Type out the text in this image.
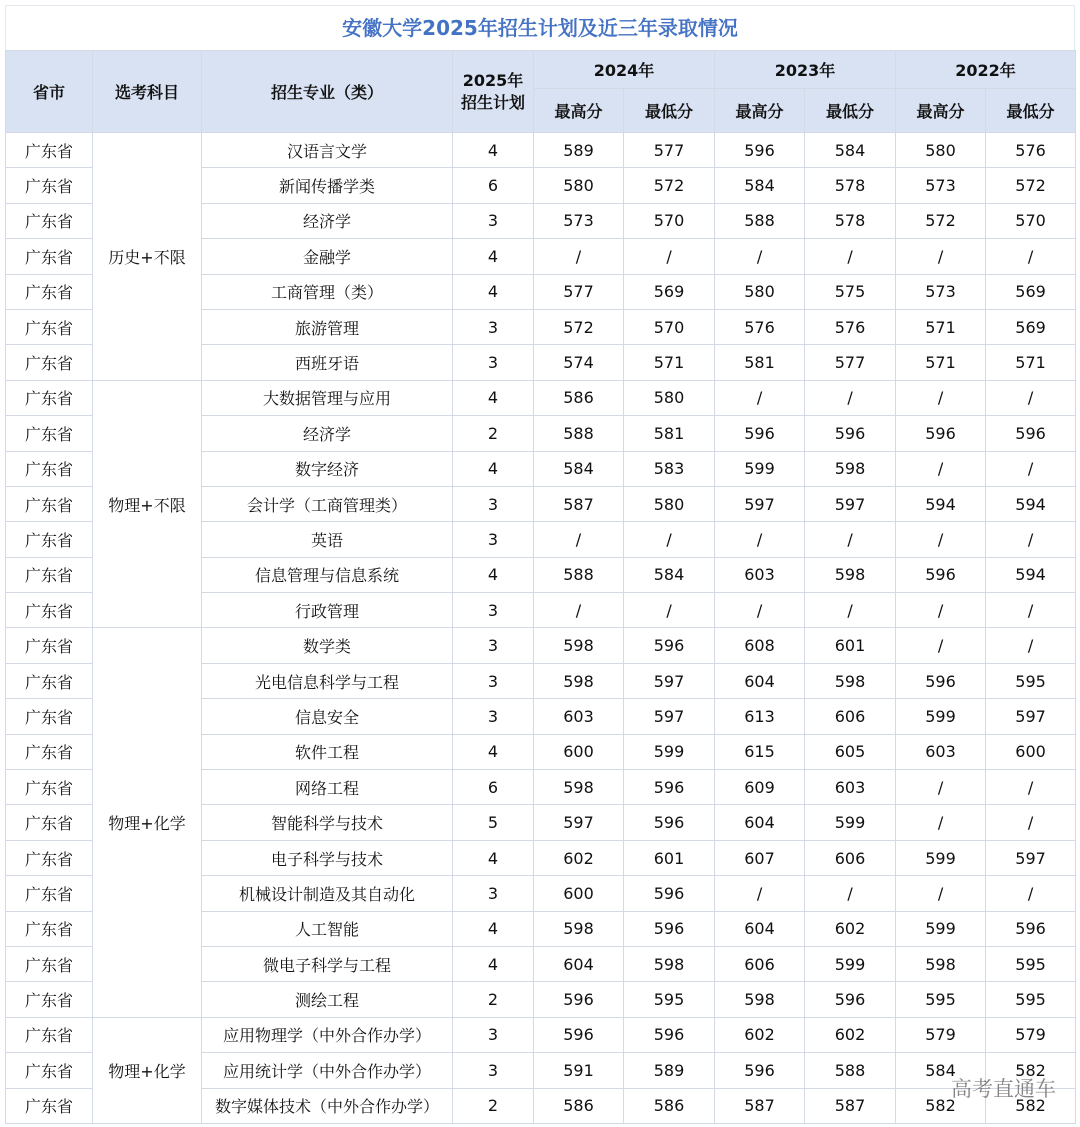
安徽大学2025年招生计划及近三年录取情况
省市	选考科目	招生专业（类）	2025年
招生计划	2024年		2023年		2022年	
				最高分	最低分	最高分	最低分	最高分	最低分
广东省	历史+不限	汉语言文学	4	589	577	596	584	580	576
广东省		新闻传播学类	6	580	572	584	578	573	572
广东省		经济学	3	573	570	588	578	572	570
广东省		金融学	4	/	/	/	/	/	/
广东省		工商管理（类）	4	577	569	580	575	573	569
广东省		旅游管理	3	572	570	576	576	571	569
广东省		西班牙语	3	574	571	581	577	571	571
广东省	物理+不限	大数据管理与应用	4	586	580	/	/	/	/
广东省		经济学	2	588	581	596	596	596	596
广东省		数字经济	4	584	583	599	598	/	/
广东省		会计学（工商管理类）	3	587	580	597	597	594	594
广东省		英语	3	/	/	/	/	/	/
广东省		信息管理与信息系统	4	588	584	603	598	596	594
广东省		行政管理	3	/	/	/	/	/	/
广东省	物理+化学	数学类	3	598	596	608	601	/	/
广东省		光电信息科学与工程	3	598	597	604	598	596	595
广东省		信息安全	3	603	597	613	606	599	597
广东省		软件工程	4	600	599	615	605	603	600
广东省		网络工程	6	598	596	609	603	/	/
广东省		智能科学与技术	5	597	596	604	599	/	/
广东省		电子科学与技术	4	602	601	607	606	599	597
广东省		机械设计制造及其自动化	3	600	596	/	/	/	/
广东省		人工智能	4	598	596	604	602	599	596
广东省		微电子科学与工程	4	604	598	606	599	598	595
广东省		测绘工程	2	596	595	598	596	595	595
广东省	物理+化学	应用物理学（中外合作办学）	3	596	596	602	602	579	579
广东省		应用统计学（中外合作办学）	3	591	589	596	588	584	582
广东省		数字媒体技术（中外合作办学）	2	586	586	587	587	582	582
高考直通车
